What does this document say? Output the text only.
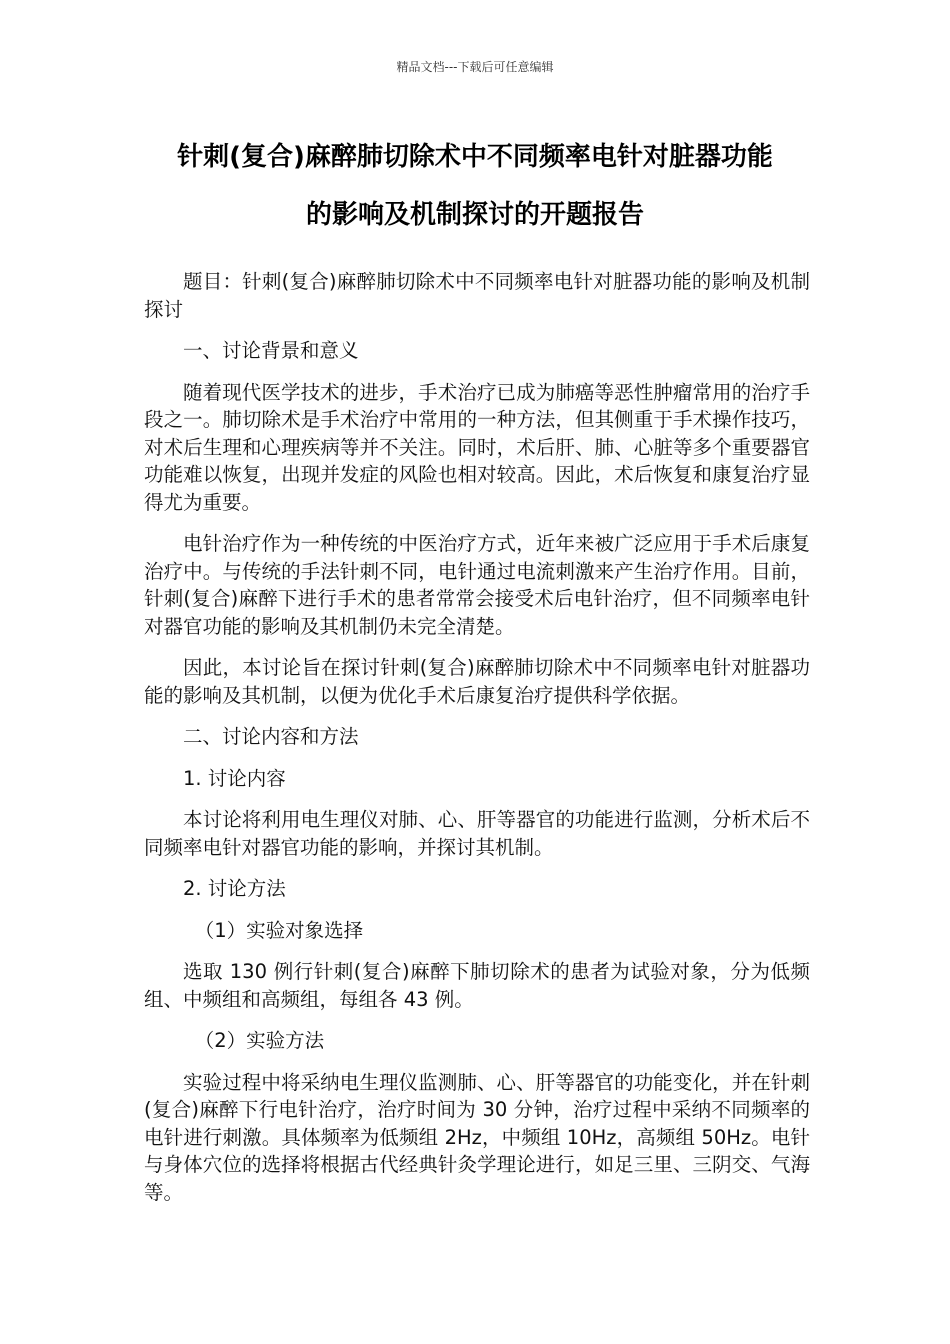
精品文档---下载后可任意编辑
针刺(复合)麻醉肺切除术中不同频率电针对脏器功能
的影响及机制探讨的开题报告

题目：针刺(复合)麻醉肺切除术中不同频率电针对脏器功能的影响及机制探讨

一、讨论背景和意义

随着现代医学技术的进步，手术治疗已成为肺癌等恶性肿瘤常用的治疗手段之一。肺切除术是手术治疗中常用的一种方法，但其侧重于手术操作技巧，对术后生理和心理疾病等并不关注。同时，术后肝、肺、心脏等多个重要器官功能难以恢复，出现并发症的风险也相对较高。因此，术后恢复和康复治疗显得尤为重要。

电针治疗作为一种传统的中医治疗方式，近年来被广泛应用于手术后康复治疗中。与传统的手法针刺不同，电针通过电流刺激来产生治疗作用。目前，针刺(复合)麻醉下进行手术的患者常常会接受术后电针治疗，但不同频率电针对器官功能的影响及其机制仍未完全清楚。

因此，本讨论旨在探讨针刺(复合)麻醉肺切除术中不同频率电针对脏器功能的影响及其机制，以便为优化手术后康复治疗提供科学依据。

二、讨论内容和方法

1. 讨论内容

本讨论将利用电生理仪对肺、心、肝等器官的功能进行监测，分析术后不同频率电针对器官功能的影响，并探讨其机制。

2. 讨论方法

（1）实验对象选择

选取 130 例行针刺(复合)麻醉下肺切除术的患者为试验对象，分为低频组、中频组和高频组，每组各 43 例。

（2）实验方法

实验过程中将采纳电生理仪监测肺、心、肝等器官的功能变化，并在针刺(复合)麻醉下行电针治疗，治疗时间为 30 分钟，治疗过程中采纳不同频率的电针进行刺激。具体频率为低频组 2Hz，中频组 10Hz，高频组 50Hz。电针与身体穴位的选择将根据古代经典针灸学理论进行，如足三里、三阴交、气海等。
